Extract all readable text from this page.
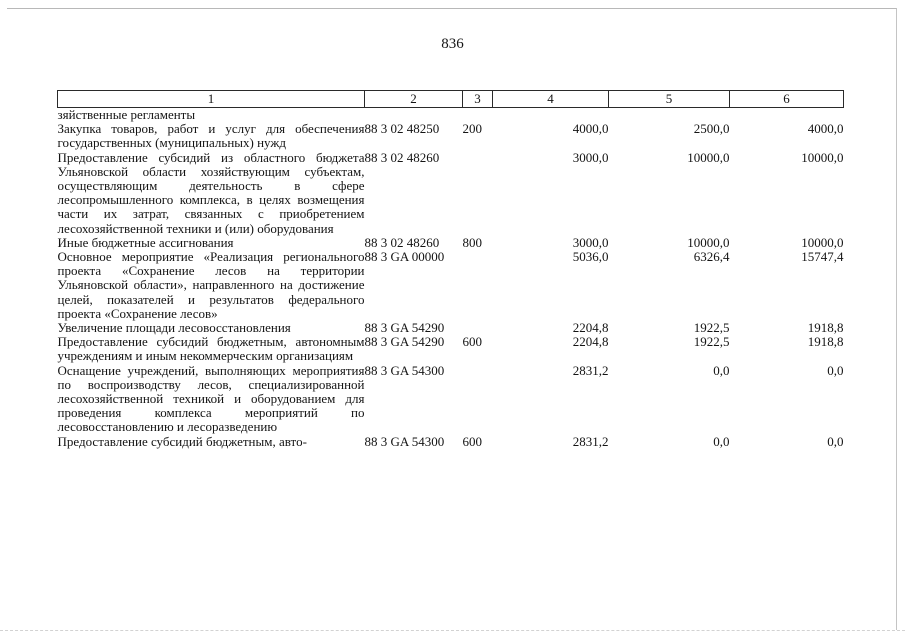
836
1	2	3	4	5	6
зяйственные регламенты					
Закупка товаров, работ и услуг для обеспечения государственных (муниципальных) нужд	88 3 02 48250	200	4000,0	2500,0	4000,0
Предоставление субсидий из областного бюджета Ульяновской области хозяйствующим субъектам, осуществляющим деятельность в сфере лесопромышленного комплекса, в целях возмещения части их затрат, связанных с приобретением лесохозяйственной техники и (или) оборудования	88 3 02 48260		3000,0	10000,0	10000,0
Иные бюджетные ассигнования	88 3 02 48260	800	3000,0	10000,0	10000,0
Основное мероприятие «Реализация регионального проекта «Сохранение лесов на территории Ульяновской области», направленного на достижение целей, показателей и результатов федерального проекта «Сохранение лесов»	88 3 GA 00000		5036,0	6326,4	15747,4
Увеличение площади лесовосстановления	88 3 GA 54290		2204,8	1922,5	1918,8
Предоставление субсидий бюджетным, автономным учреждениям и иным некоммерческим организациям	88 3 GA 54290	600	2204,8	1922,5	1918,8
Оснащение учреждений, выполняющих мероприятия по воспроизводству лесов, специализированной лесохозяйственной техникой и оборудованием для проведения комплекса мероприятий по лесовосстановлению и лесоразведению	88 3 GA 54300		2831,2	0,0	0,0
Предоставление субсидий бюджетным, авто-	88 3 GA 54300	600	2831,2	0,0	0,0
